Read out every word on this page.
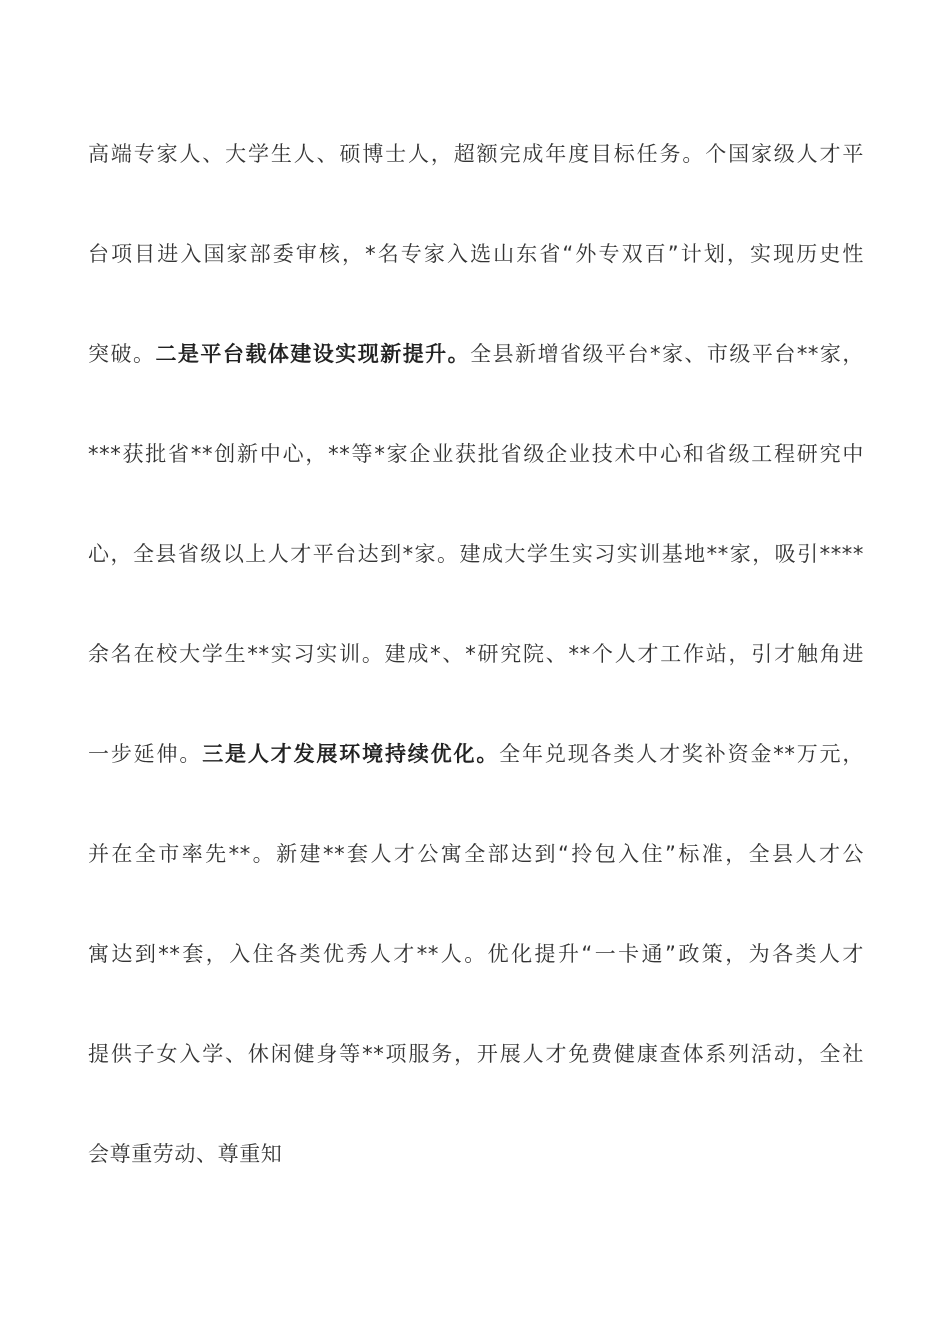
高端专家人、大学生人、硕博士人，超额完成年度目标任务。个国家级人才平
台项目进入国家部委审核，*名专家入选山东省“外专双百”计划，实现历史性
突破。二是平台载体建设实现新提升。全县新增省级平台*家、市级平台**家，
***获批省**创新中心，**等*家企业获批省级企业技术中心和省级工程研究中
心，全县省级以上人才平台达到*家。建成大学生实习实训基地**家，吸引****
余名在校大学生**实习实训。建成*、*研究院、**个人才工作站，引才触角进
一步延伸。三是人才发展环境持续优化。全年兑现各类人才奖补资金**万元，
并在全市率先**。新建**套人才公寓全部达到“拎包入住”标准，全县人才公
寓达到**套，入住各类优秀人才**人。优化提升“一卡通”政策，为各类人才
提供子女入学、休闲健身等**项服务，开展人才免费健康查体系列活动，全社
会尊重劳动、尊重知
